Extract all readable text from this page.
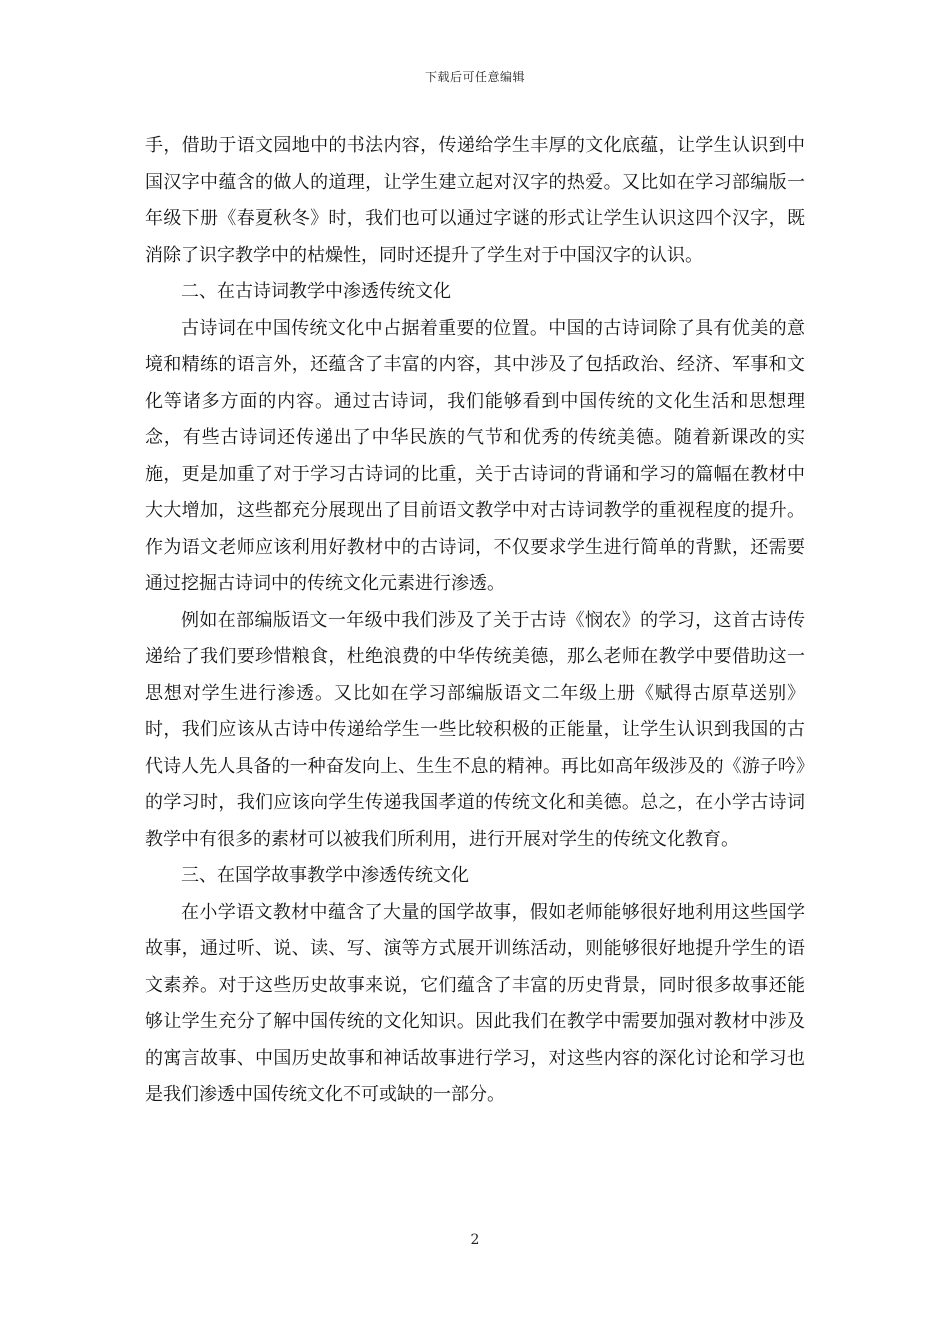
下载后可任意编辑

手，借助于语文园地中的书法内容，传递给学生丰厚的文化底蕴，让学生认识到中国汉字中蕴含的做人的道理，让学生建立起对汉字的热爱。又比如在学习部编版一年级下册《春夏秋冬》时，我们也可以通过字谜的形式让学生认识这四个汉字，既消除了识字教学中的枯燥性，同时还提升了学生对于中国汉字的认识。

二、在古诗词教学中渗透传统文化

古诗词在中国传统文化中占据着重要的位置。中国的古诗词除了具有优美的意境和精练的语言外，还蕴含了丰富的内容，其中涉及了包括政治、经济、军事和文化等诸多方面的内容。通过古诗词，我们能够看到中国传统的文化生活和思想理念，有些古诗词还传递出了中华民族的气节和优秀的传统美德。随着新课改的实施，更是加重了对于学习古诗词的比重，关于古诗词的背诵和学习的篇幅在教材中大大增加，这些都充分展现出了目前语文教学中对古诗词教学的重视程度的提升。作为语文老师应该利用好教材中的古诗词，不仅要求学生进行简单的背默，还需要通过挖掘古诗词中的传统文化元素进行渗透。

例如在部编版语文一年级中我们涉及了关于古诗《悯农》的学习，这首古诗传递给了我们要珍惜粮食，杜绝浪费的中华传统美德，那么老师在教学中要借助这一思想对学生进行渗透。又比如在学习部编版语文二年级上册《赋得古原草送别》时，我们应该从古诗中传递给学生一些比较积极的正能量，让学生认识到我国的古代诗人先人具备的一种奋发向上、生生不息的精神。再比如高年级涉及的《游子吟》的学习时，我们应该向学生传递我国孝道的传统文化和美德。总之，在小学古诗词教学中有很多的素材可以被我们所利用，进行开展对学生的传统文化教育。

三、在国学故事教学中渗透传统文化

在小学语文教材中蕴含了大量的国学故事，假如老师能够很好地利用这些国学故事，通过听、说、读、写、演等方式展开训练活动，则能够很好地提升学生的语文素养。对于这些历史故事来说，它们蕴含了丰富的历史背景，同时很多故事还能够让学生充分了解中国传统的文化知识。因此我们在教学中需要加强对教材中涉及的寓言故事、中国历史故事和神话故事进行学习，对这些内容的深化讨论和学习也是我们渗透中国传统文化不可或缺的一部分。

2
